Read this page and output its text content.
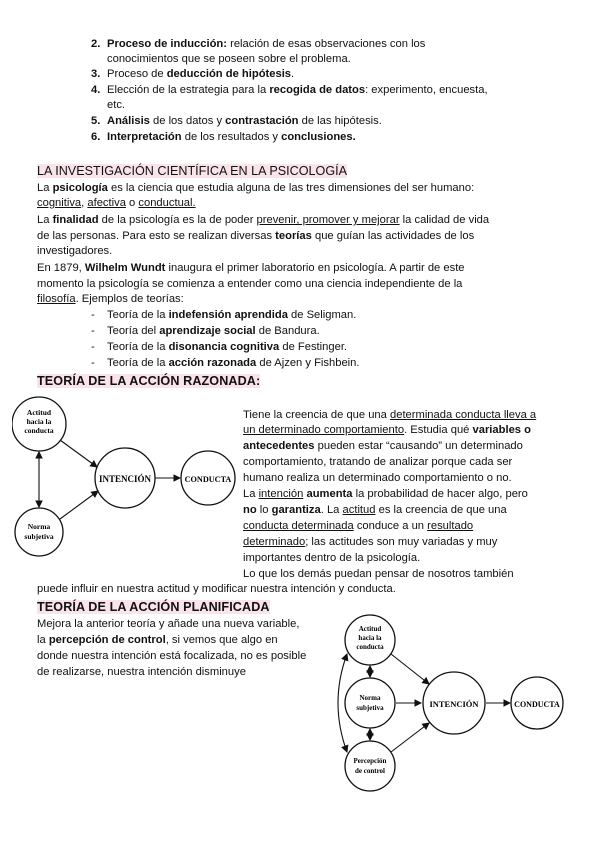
2. Proceso de inducción: relación de esas observaciones con los
conocimientos que se poseen sobre el problema.
3. Proceso de deducción de hipótesis.
4. Elección de la estrategia para la recogida de datos: experimento, encuesta,
etc.
5. Análisis de los datos y contrastación de las hipótesis.
6. Interpretación de los resultados y conclusiones.
LA INVESTIGACIÓN CIENTÍFICA EN LA PSICOLOGÍA
La psicología es la ciencia que estudia alguna de las tres dimensiones del ser humano:
cognitiva, afectiva o conductual.
La finalidad de la psicología es la de poder prevenir, promover y mejorar la calidad de vida
de las personas. Para esto se realizan diversas teorías que guían las actividades de los
investigadores.
En 1879, Wilhelm Wundt inaugura el primer laboratorio en psicología. A partir de este
momento la psicología se comienza a entender como una ciencia independiente de la
filosofía. Ejemplos de teorías:
- Teoría de la indefensión aprendida de Seligman.
- Teoría del aprendizaje social de Bandura.
- Teoría de la disonancia cognitiva de Festinger.
- Teoría de la acción razonada de Ajzen y Fishbein.
TEORÍA DE LA ACCIÓN RAZONADA:
Actitud
hacia la
conducta
Norma
subjetiva
INTENCIÓN	CONDUCTA
Tiene la creencia de que una determinada conducta lleva a
un determinado comportamiento. Estudia qué variables o
antecedentes pueden estar “causando” un determinado
comportamiento, tratando de analizar porque cada ser
humano realiza un determinado comportamiento o no.
La intención aumenta la probabilidad de hacer algo, pero
no lo garantiza. La actitud es la creencia de que una
conducta determinada conduce a un resultado
determinado; las actitudes son muy variadas y muy
importantes dentro de la psicología.
Lo que los demás puedan pensar de nosotros también
puede influir en nuestra actitud y modificar nuestra intención y conducta.
TEORÍA DE LA ACCIÓN PLANIFICADA
Mejora la anterior teoría y añade una nueva variable,
la percepción de control, si vemos que algo en
donde nuestra intención está focalizada, no es posible
de realizarse, nuestra intención disminuye
Actitud
hacia la
conducta
Norma
subjetiva
Percepción
de control
INTENCIÓN	CONDUCTA
